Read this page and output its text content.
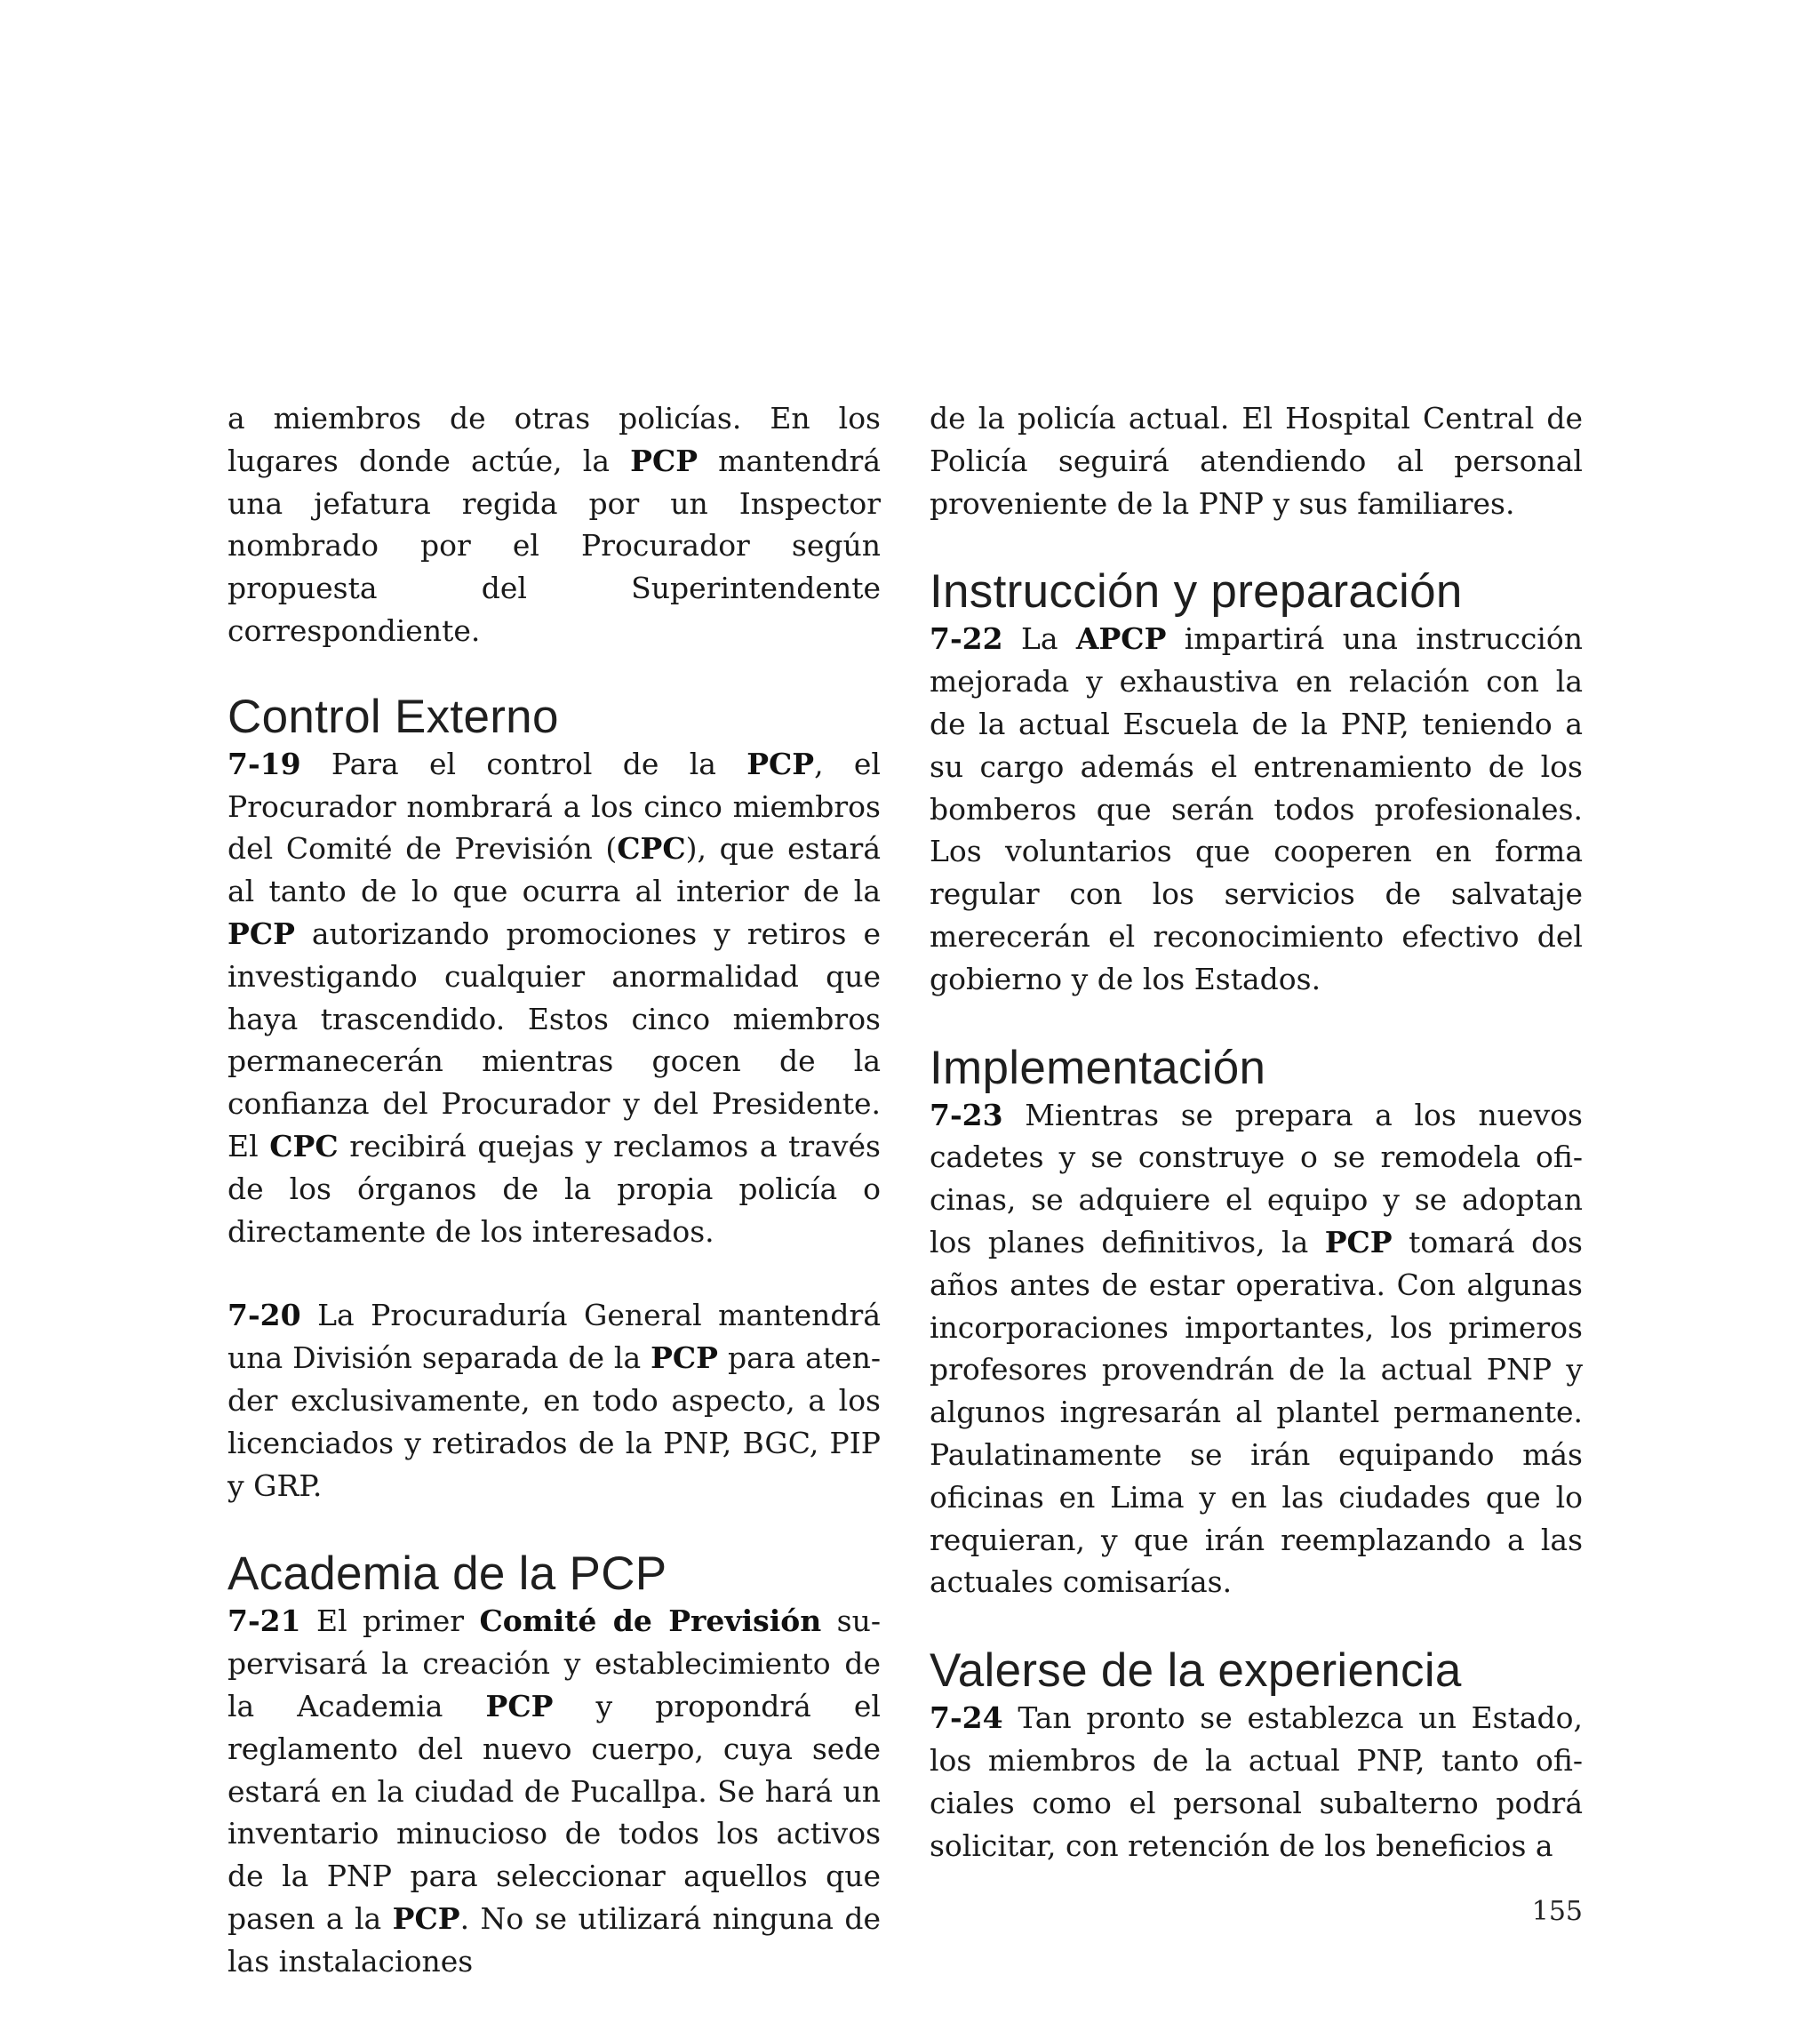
a miembros de otras policías. En los lugares donde actúe, la PCP mantendrá una jefatura regida por un Inspector nombrado por el Procurador según propuesta del Superintendente correspondiente.

Control Externo

7-19 Para el control de la PCP, el Procurador nombrará a los cinco miembros del Comité de Previsión (CPC), que estará al tanto de lo que ocurra al interior de la PCP autorizando promociones y retiros e investigando cualquier anormalidad que haya trascendido. Estos cinco miembros permanecerán mientras gocen de la confianza del Procurador y del Presidente. El CPC recibirá quejas y reclamos a través de los órganos de la propia policía o directamente de los interesados.

7-20 La Procuraduría General mantendrá una División separada de la PCP para atender exclusivamente, en todo aspecto, a los licenciados y retirados de la PNP, BGC, PIP y GRP.

Academia de la PCP

7-21 El primer Comité de Previsión supervisará la creación y establecimiento de la Academia PCP y propondrá el reglamento del nuevo cuerpo, cuya sede estará en la ciudad de Pucallpa. Se hará un inventario minucioso de todos los activos de la PNP para seleccionar aquellos que pasen a la PCP. No se utilizará ninguna de las instalaciones

de la policía actual. El Hospital Central de Policía seguirá atendiendo al personal proveniente de la PNP y sus familiares.

Instrucción y preparación

7-22 La APCP impartirá una instrucción mejorada y exhaustiva en relación con la de la actual Escuela de la PNP, teniendo a su cargo además el entrenamiento de los bomberos que serán todos profesionales. Los voluntarios que cooperen en forma regular con los servicios de salvataje merecerán el reconocimiento efectivo del gobierno y de los Estados.

Implementación

7-23 Mientras se prepara a los nuevos cadetes y se construye o se remodela oficinas, se adquiere el equipo y se adoptan los planes definitivos, la PCP tomará dos años antes de estar operativa. Con algunas incorporaciones importantes, los primeros profesores provendrán de la actual PNP y algunos ingresarán al plantel permanente. Paulatinamente se irán equipando más oficinas en Lima y en las ciudades que lo requieran, y que irán reemplazando a las actuales comisarías.

Valerse de la experiencia

7-24 Tan pronto se establezca un Estado, los miembros de la actual PNP, tanto oficiales como el personal subalterno podrá solicitar, con retención de los beneficios a

155
